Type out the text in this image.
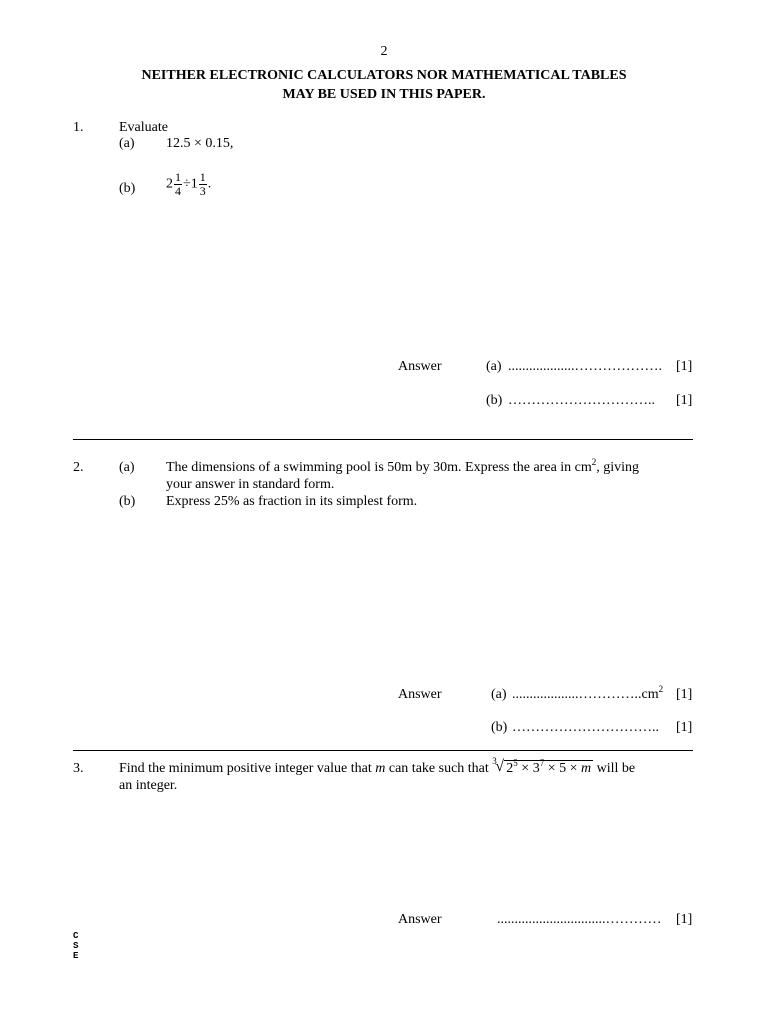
2
NEITHER ELECTRONIC CALCULATORS NOR MATHEMATICAL TABLES
MAY BE USED IN THIS PAPER.
1.	Evaluate
(a) 12.5 × 0.15,
(b) $2 \frac{1}{4} \div 1 \frac{1}{3}$ .
Answer	(a) ...................………………. [1]
(b) ………………………….. [1]
2.	(a) The dimensions of a swimming pool is 50m by 30m. Express the area in $cm^2$, giving
your answer in standard form.
(b) Express 25% as fraction in its simplest form.
Answer	(a) $...................\dots\dots\dots\dots..cm^2$ [1]
(b) ………………………….. [1]
3.	Find the minimum positive integer value that m can take such that 3
√ $2^5 \times 3^7 \times 5 \times m$ will be
an integer.
Answer	...............................………… [1]
C
S
E
